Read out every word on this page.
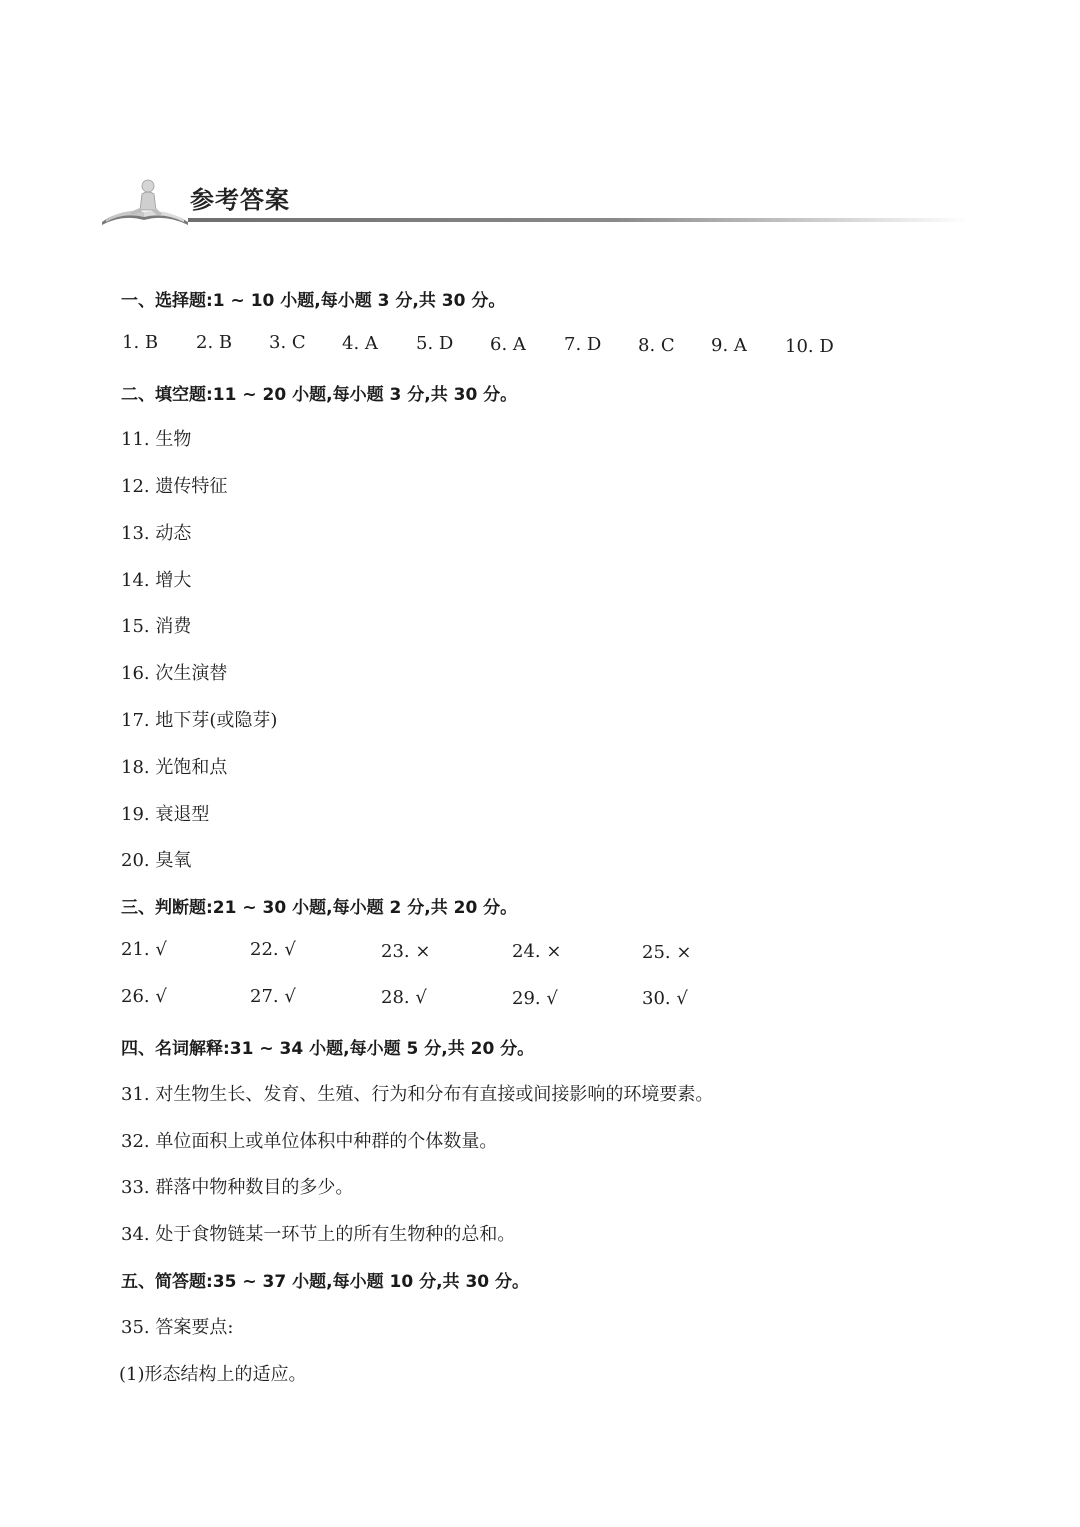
参考答案
一、选择题:1 ~ 10 小题,每小题 3 分,共 30 分。
1. B 2. B 3. C 4. A 5. D 6. A 7. D 8. C 9. A 10. D
二、填空题:11 ~ 20 小题,每小题 3 分,共 30 分。
11. 生物
12. 遗传特征
13. 动态
14. 增大
15. 消费
16. 次生演替
17. 地下芽(或隐芽)
18. 光饱和点
19. 衰退型
20. 臭氧
三、判断题:21 ~ 30 小题,每小题 2 分,共 20 分。
21. √	22. √	23. ×	24. ×	25. ×
26. √	27. √	28. √	29. √	30. √
四、名词解释:31 ~ 34 小题,每小题 5 分,共 20 分。
31. 对生物生长、发育、生殖、行为和分布有直接或间接影响的环境要素。
32. 单位面积上或单位体积中种群的个体数量。
33. 群落中物种数目的多少。
34. 处于食物链某一环节上的所有生物种的总和。
五、简答题:35 ~ 37 小题,每小题 10 分,共 30 分。
35. 答案要点:
(1)形态结构上的适应。
